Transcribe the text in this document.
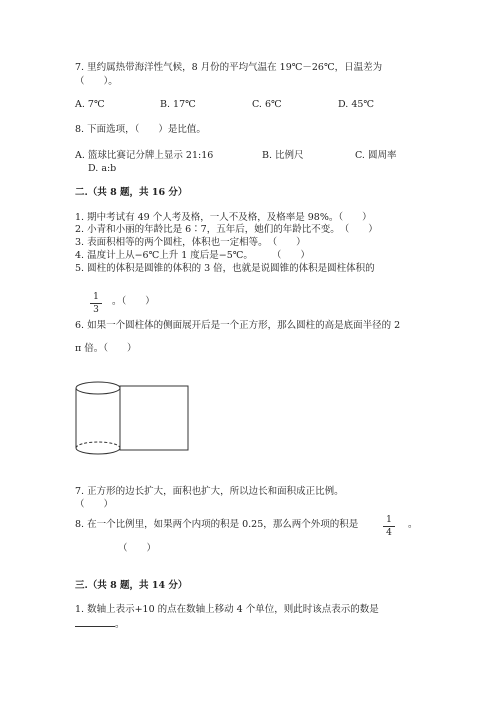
7. 里约属热带海洋性气候，8 月份的平均气温在 19℃－26℃，日温差为
（　　）。
A. 7℃	B. 17℃	C. 6℃	D. 45℃
8. 下面选项，（　　）是比值。
A. 篮球比赛记分牌上显示 21:16	B. 比例尺	C. 圆周率
D. a:b
二.（共 8 题，共 16 分）
1. 期中考试有 49 个人考及格，一人不及格，及格率是 98%。（　　）
2. 小青和小丽的年龄比是 6∶7，五年后，她们的年龄比不变。　（　　）
3. 表面积相等的两个圆柱，体积也一定相等。　（　　）
4. 温度计上从−6℃上升 1 度后是−5℃。　　　（　　）
5. 圆柱的体积是圆锥的体积的 3 倍，也就是说圆锥的体积是圆柱体积的
1
3
。（　　）
6. 如果一个圆柱体的侧面展开后是一个正方形，那么圆柱的高是底面半径的 2
π 倍。（　　）
7. 正方形的边长扩大，面积也扩大，所以边长和面积成正比例。
（　　）
8. 在一个比例里，如果两个内项的积是 0.25，那么两个外项的积是	1
4
。
（　　）
三.（共 8 题，共 14 分）
1. 数轴上表示+10 的点在数轴上移动 4 个单位，则此时该点表示的数是
。
